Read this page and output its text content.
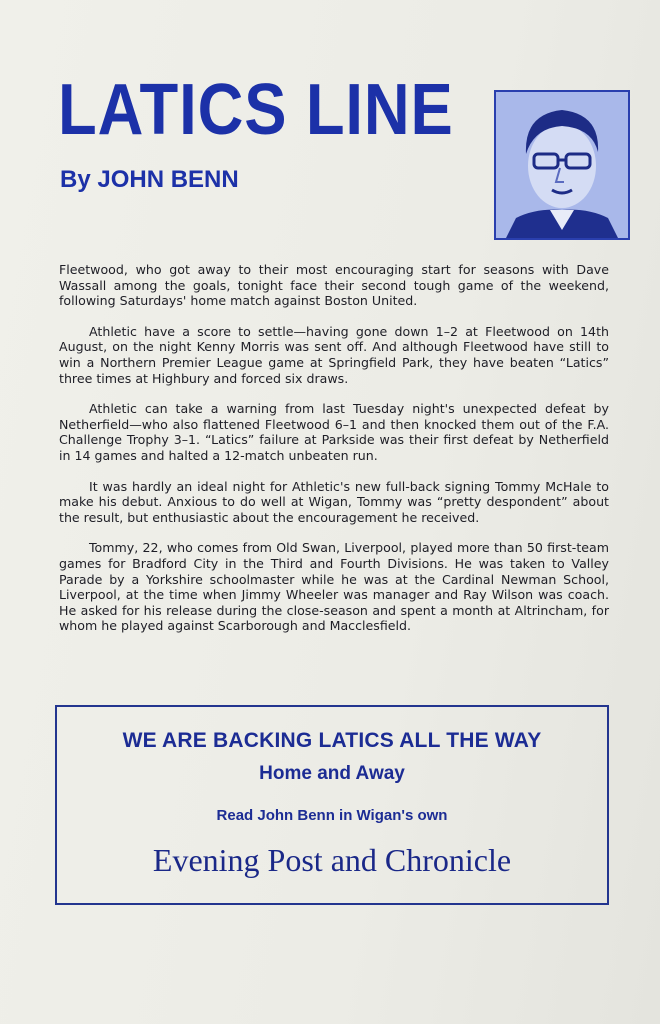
LATICS LINE
By JOHN BENN

Fleetwood, who got away to their most encouraging start for seasons with Dave Wassall among the goals, tonight face their second tough game of the weekend, following Saturdays' home match against Boston United.

Athletic have a score to settle—having gone down 1–2 at Fleetwood on 14th August, on the night Kenny Morris was sent off. And although Fleetwood have still to win a Northern Premier League game at Springfield Park, they have beaten “Latics” three times at Highbury and forced six draws.

Athletic can take a warning from last Tuesday night's unexpected defeat by Netherfield—who also flattened Fleetwood 6–1 and then knocked them out of the F.A. Challenge Trophy 3–1. “Latics” failure at Parkside was their first defeat by Netherfield in 14 games and halted a 12-match unbeaten run.

It was hardly an ideal night for Athletic's new full-back signing Tommy McHale to make his debut. Anxious to do well at Wigan, Tommy was “pretty despondent” about the result, but enthusiastic about the encouragement he received.

Tommy, 22, who comes from Old Swan, Liverpool, played more than 50 first-team games for Bradford City in the Third and Fourth Divisions. He was taken to Valley Parade by a Yorkshire schoolmaster while he was at the Cardinal Newman School, Liverpool, at the time when Jimmy Wheeler was manager and Ray Wilson was coach. He asked for his release during the close-season and spent a month at Altrincham, for whom he played against Scarborough and Macclesfield.

WE ARE BACKING LATICS ALL THE WAY
Home and Away
Read John Benn in Wigan's own
Evening Post and Chronicle
